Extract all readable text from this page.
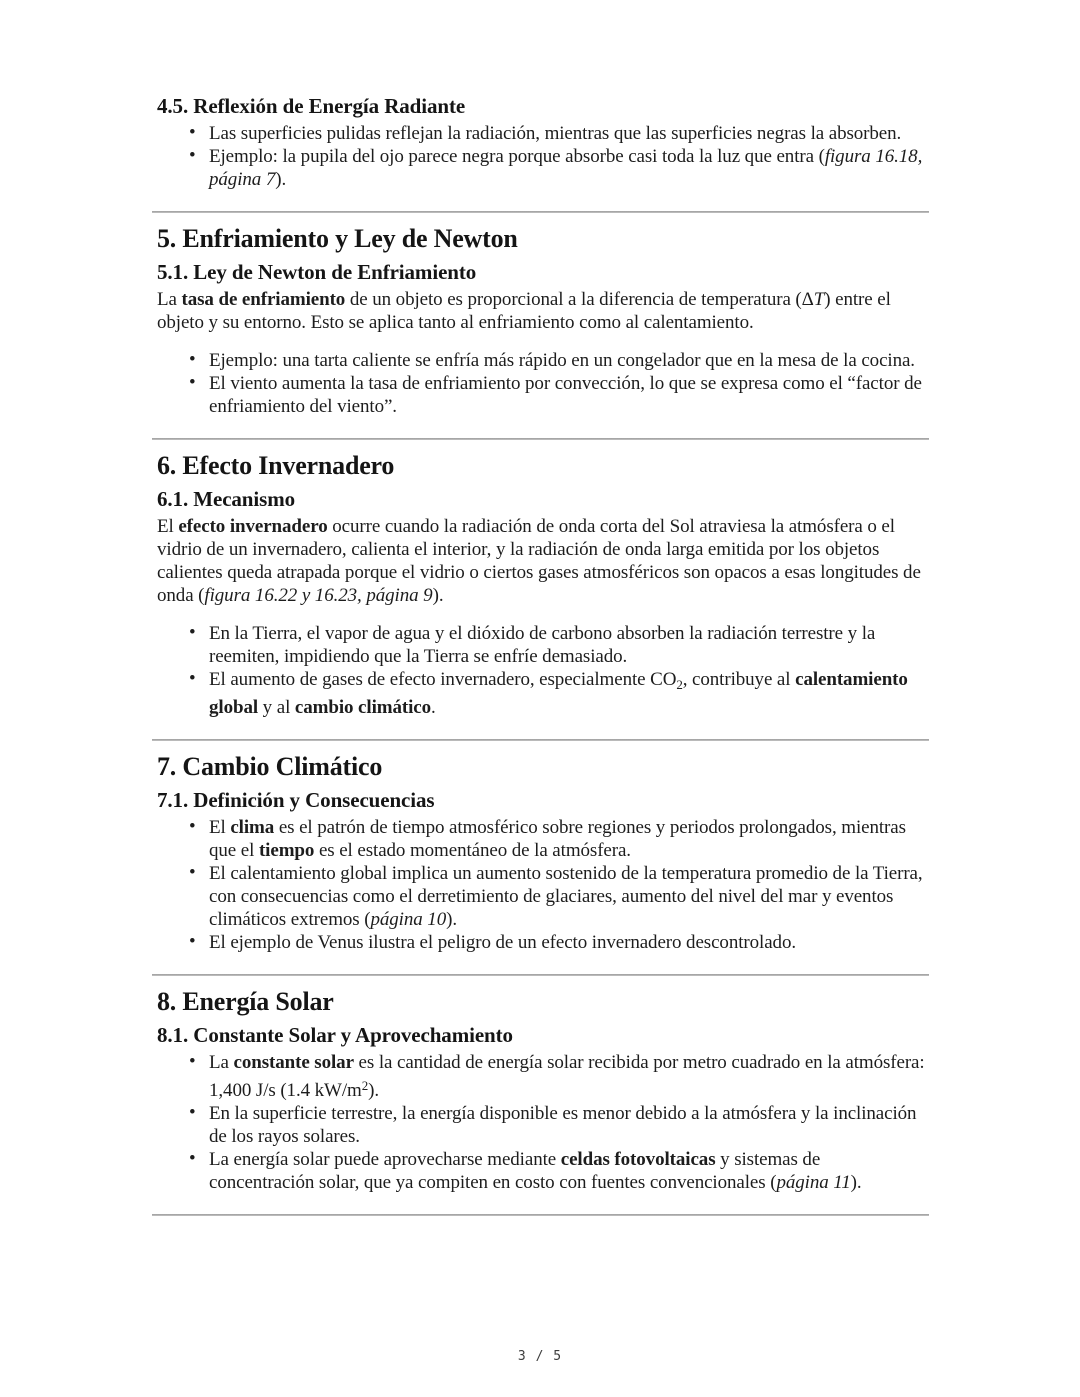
4.5. Reflexión de Energía Radiante
• Las superficies pulidas reflejan la radiación, mientras que las superficies negras la absorben.
• Ejemplo: la pupila del ojo parece negra porque absorbe casi toda la luz que entra (figura 16.18, página 7).
5. Enfriamiento y Ley de Newton
5.1. Ley de Newton de Enfriamiento

La tasa de enfriamiento de un objeto es proporcional a la diferencia de temperatura (ΔT) entre el objeto y su entorno. Esto se aplica tanto al enfriamiento como al calentamiento.

• Ejemplo: una tarta caliente se enfría más rápido en un congelador que en la mesa de la cocina.
• El viento aumenta la tasa de enfriamiento por convección, lo que se expresa como el “factor de enfriamiento del viento”.
6. Efecto Invernadero
6.1. Mecanismo

El efecto invernadero ocurre cuando la radiación de onda corta del Sol atraviesa la atmósfera o el vidrio de un invernadero, calienta el interior, y la radiación de onda larga emitida por los objetos calientes queda atrapada porque el vidrio o ciertos gases atmosféricos son opacos a esas longitudes de onda (figura 16.22 y 16.23, página 9).

• En la Tierra, el vapor de agua y el dióxido de carbono absorben la radiación terrestre y la reemiten, impidiendo que la Tierra se enfríe demasiado.
• El aumento de gases de efecto invernadero, especialmente $CO_2$, contribuye al calentamiento global y al cambio climático.
7. Cambio Climático
7.1. Definición y Consecuencias
• El clima es el patrón de tiempo atmosférico sobre regiones y periodos prolongados, mientras que el tiempo es el estado momentáneo de la atmósfera.
• El calentamiento global implica un aumento sostenido de la temperatura promedio de la Tierra, con consecuencias como el derretimiento de glaciares, aumento del nivel del mar y eventos climáticos extremos (página 10).
• El ejemplo de Venus ilustra el peligro de un efecto invernadero descontrolado.
8. Energía Solar
8.1. Constante Solar y Aprovechamiento
• La constante solar es la cantidad de energía solar recibida por metro cuadrado en la atmósfera: 1,400 J/s (1.4 $kW/m^2$).
• En la superficie terrestre, la energía disponible es menor debido a la atmósfera y la inclinación de los rayos solares.
• La energía solar puede aprovecharse mediante celdas fotovoltaicas y sistemas de concentración solar, que ya compiten en costo con fuentes convencionales (página 11).
3 / 5
